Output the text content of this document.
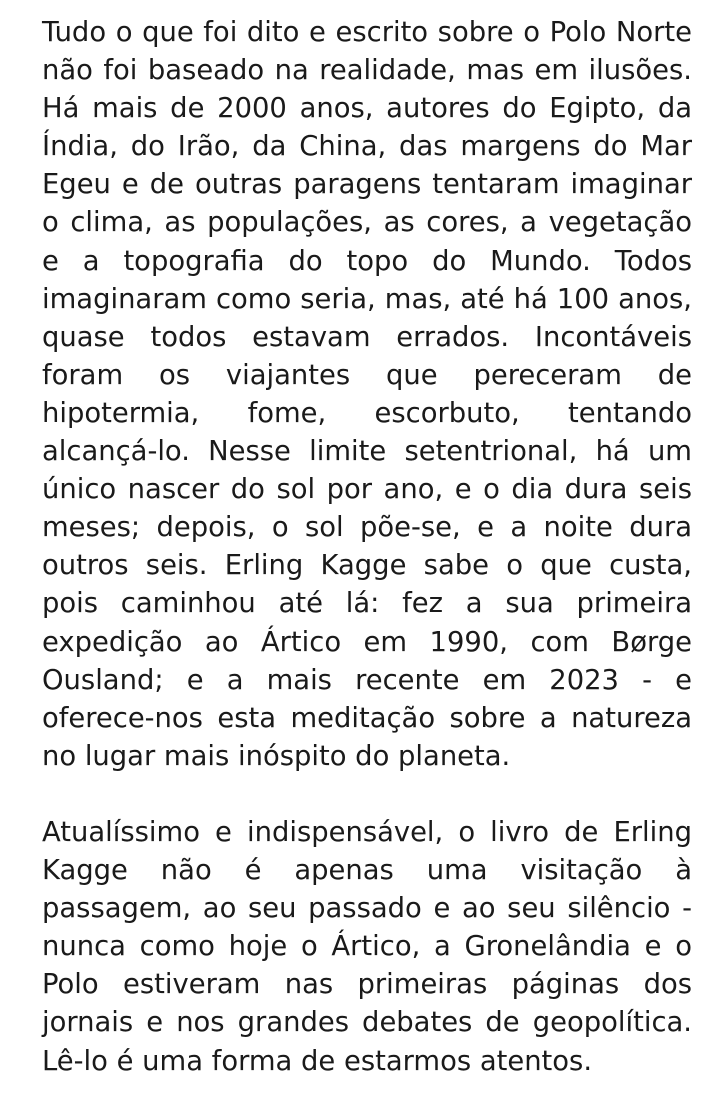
Tudo o que foi dito e escrito sobre o Polo Norte não foi baseado na realidade, mas em ilusões. Há mais de 2000 anos, autores do Egipto, da Índia, do Irão, da China, das margens do Mar Egeu e de outras paragens tentaram imaginar o clima, as populações, as cores, a vegetação e a topografia do topo do Mundo. Todos imaginaram como seria, mas, até há 100 anos, quase todos estavam errados. Incontáveis foram os viajantes que pereceram de hipotermia, fome, escorbuto, tentando alcançá-lo. Nesse limite setentrional, há um único nascer do sol por ano, e o dia dura seis meses; depois, o sol põe-se, e a noite dura outros seis. Erling Kagge sabe o que custa, pois caminhou até lá: fez a sua primeira expedição ao Ártico em 1990, com Børge Ousland; e a mais recente em 2023 - e oferece-nos esta meditação sobre a natureza no lugar mais inóspito do planeta.

Atualíssimo e indispensável, o livro de Erling Kagge não é apenas uma visitação à passagem, ao seu passado e ao seu silêncio - nunca como hoje o Ártico, a Gronelândia e o Polo estiveram nas primeiras páginas dos jornais e nos grandes debates de geopolítica. Lê-lo é uma forma de estarmos atentos.
